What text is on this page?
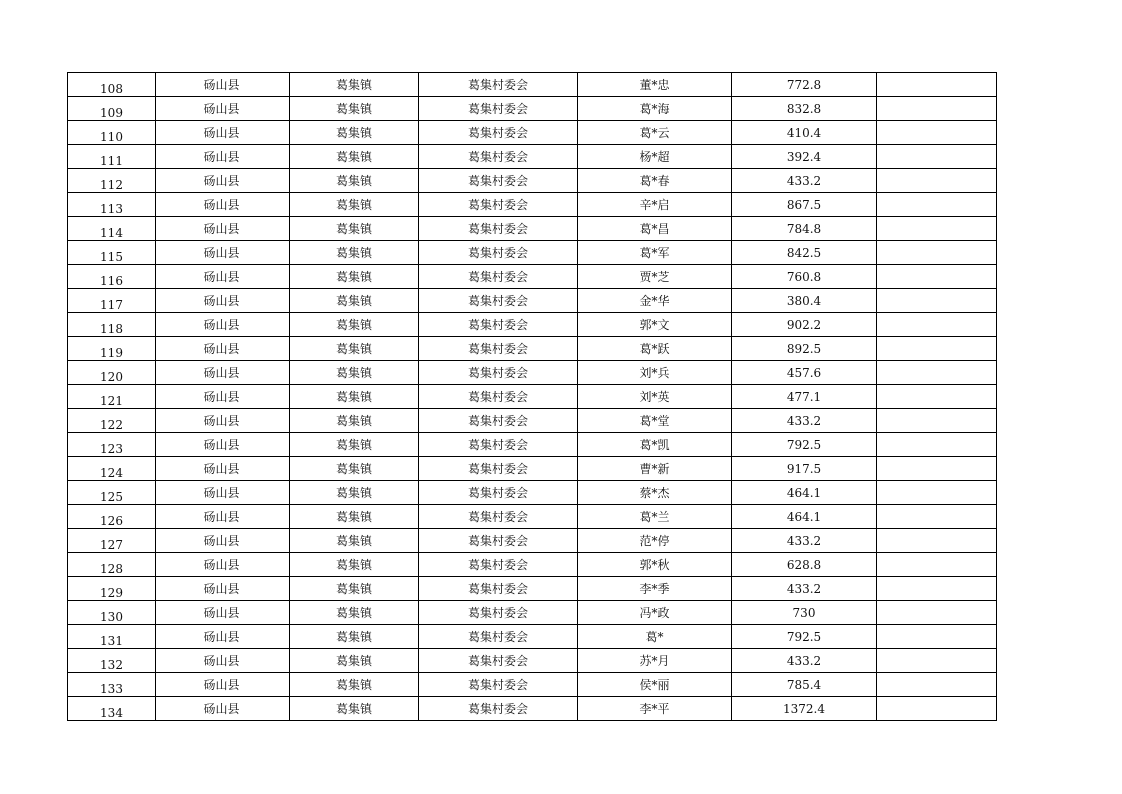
108	砀山县	葛集镇	葛集村委会	董*忠	772.8	
109	砀山县	葛集镇	葛集村委会	葛*海	832.8	
110	砀山县	葛集镇	葛集村委会	葛*云	410.4	
111	砀山县	葛集镇	葛集村委会	杨*超	392.4	
112	砀山县	葛集镇	葛集村委会	葛*春	433.2	
113	砀山县	葛集镇	葛集村委会	辛*启	867.5	
114	砀山县	葛集镇	葛集村委会	葛*昌	784.8	
115	砀山县	葛集镇	葛集村委会	葛*军	842.5	
116	砀山县	葛集镇	葛集村委会	贾*芝	760.8	
117	砀山县	葛集镇	葛集村委会	金*华	380.4	
118	砀山县	葛集镇	葛集村委会	郭*文	902.2	
119	砀山县	葛集镇	葛集村委会	葛*跃	892.5	
120	砀山县	葛集镇	葛集村委会	刘*兵	457.6	
121	砀山县	葛集镇	葛集村委会	刘*英	477.1	
122	砀山县	葛集镇	葛集村委会	葛*堂	433.2	
123	砀山县	葛集镇	葛集村委会	葛*凯	792.5	
124	砀山县	葛集镇	葛集村委会	曹*新	917.5	
125	砀山县	葛集镇	葛集村委会	蔡*杰	464.1	
126	砀山县	葛集镇	葛集村委会	葛*兰	464.1	
127	砀山县	葛集镇	葛集村委会	范*停	433.2	
128	砀山县	葛集镇	葛集村委会	郭*秋	628.8	
129	砀山县	葛集镇	葛集村委会	李*季	433.2	
130	砀山县	葛集镇	葛集村委会	冯*政	730	
131	砀山县	葛集镇	葛集村委会	葛*	792.5	
132	砀山县	葛集镇	葛集村委会	苏*月	433.2	
133	砀山县	葛集镇	葛集村委会	侯*丽	785.4	
134	砀山县	葛集镇	葛集村委会	李*平	1372.4	
